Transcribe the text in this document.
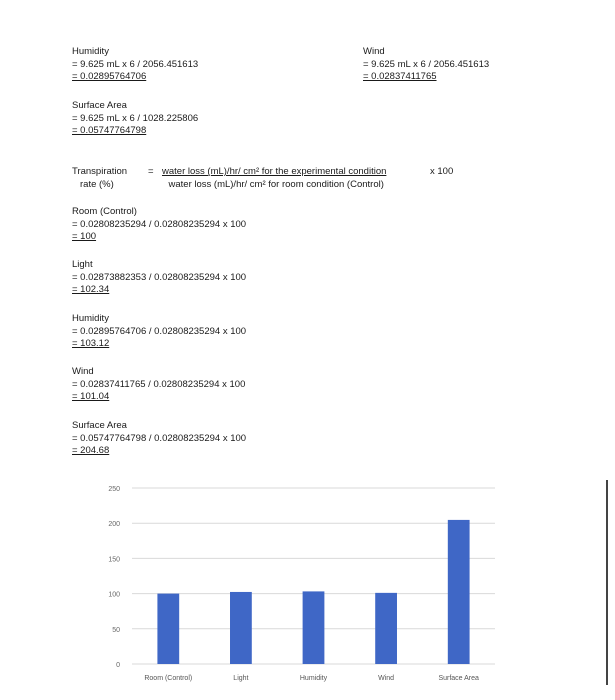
Humidity
= 9.625 mL x 6 / 2056.451613
= 0.02895764706
Wind
= 9.625 mL x 6 / 2056.451613
= 0.02837411765
Surface Area
= 9.625 mL x 6 / 1028.225806
= 0.05747764798
Transpiration
rate (%)
= water loss (mL)/hr/ cm² for the experimental condition
water loss (mL)/hr/ cm² for room condition (Control)
x 100
Room (Control)
= 0.02808235294 / 0.02808235294 x 100
= 100
Light
= 0.02873882353 / 0.02808235294 x 100
= 102.34
Humidity
= 0.02895764706 / 0.02808235294 x 100
= 103.12
Wind
= 0.02837411765 / 0.02808235294 x 100
= 101.04
Surface Area
= 0.05747764798 / 0.02808235294 x 100
= 204.68
0
50
100
150
200
250
Room (Control)	Light	Humidity	Wind	Surface Area
